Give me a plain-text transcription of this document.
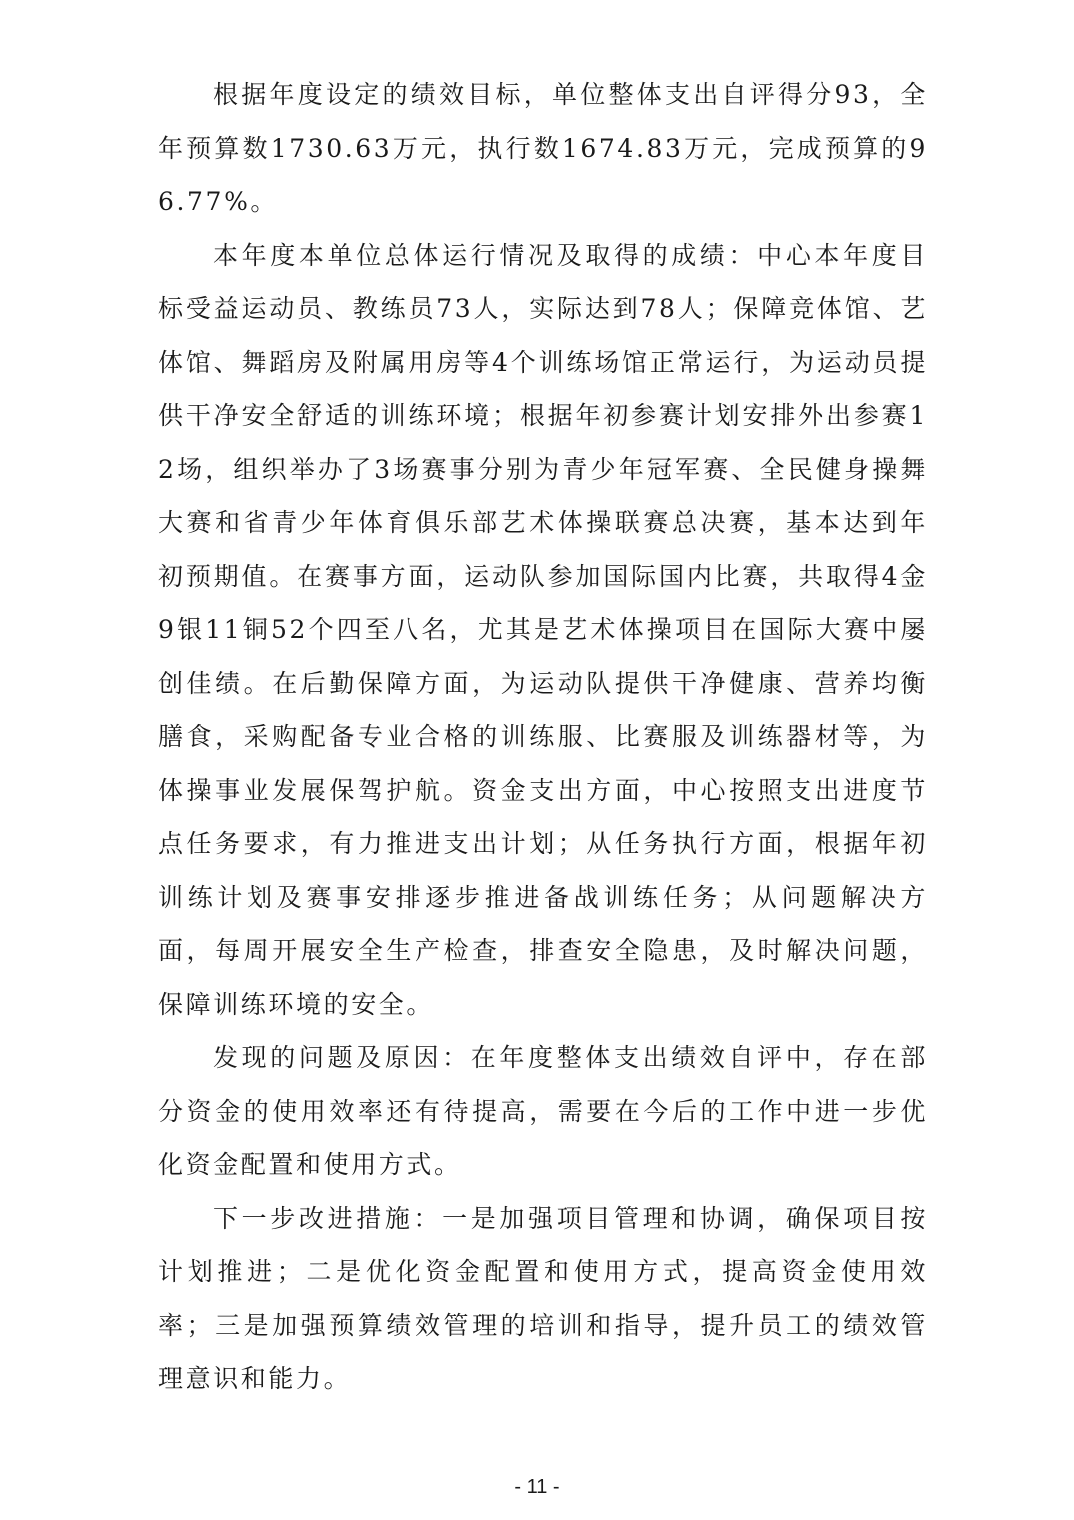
根据年度设定的绩效目标，单位整体支出自评得分93，全年预算数1730.63万元，执行数1674.83万元，完成预算的96.77%。

本年度本单位总体运行情况及取得的成绩：中心本年度目标受益运动员、教练员73人，实际达到78人；保障竞体馆、艺体馆、舞蹈房及附属用房等4个训练场馆正常运行，为运动员提供干净安全舒适的训练环境；根据年初参赛计划安排外出参赛12场，组织举办了3场赛事分别为青少年冠军赛、全民健身操舞大赛和省青少年体育俱乐部艺术体操联赛总决赛，基本达到年初预期值。在赛事方面，运动队参加国际国内比赛，共取得4金9银11铜52个四至八名，尤其是艺术体操项目在国际大赛中屡创佳绩。在后勤保障方面，为运动队提供干净健康、营养均衡膳食，采购配备专业合格的训练服、比赛服及训练器材等，为体操事业发展保驾护航。资金支出方面，中心按照支出进度节点任务要求，有力推进支出计划；从任务执行方面，根据年初训练计划及赛事安排逐步推进备战训练任务；从问题解决方面，每周开展安全生产检查，排查安全隐患，及时解决问题，保障训练环境的安全。

发现的问题及原因：在年度整体支出绩效自评中，存在部分资金的使用效率还有待提高，需要在今后的工作中进一步优化资金配置和使用方式。

下一步改进措施：一是加强项目管理和协调，确保项目按计划推进；二是优化资金配置和使用方式，提高资金使用效率；三是加强预算绩效管理的培训和指导，提升员工的绩效管理意识和能力。

- 11 -
